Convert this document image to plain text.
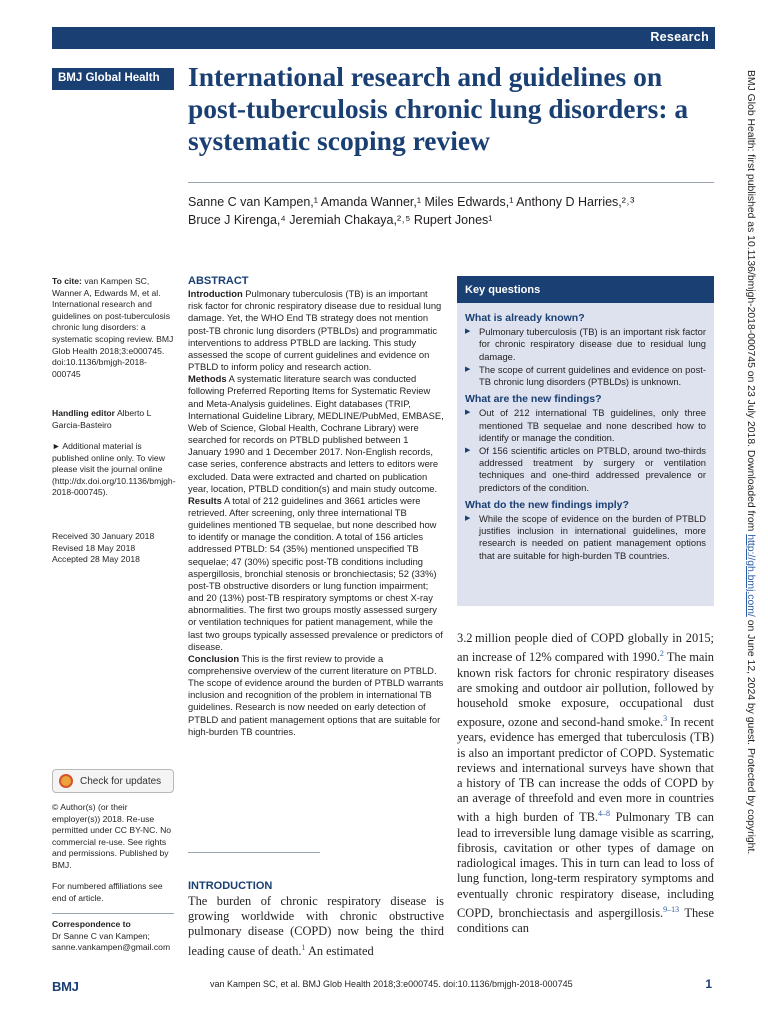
Research
BMJ Global Health	International research and guidelines on post-tuberculosis chronic lung disorders: a systematic scoping review
Sanne C van Kampen,¹ Amanda Wanner,¹ Miles Edwards,¹ Anthony D Harries,²˒³
Bruce J Kirenga,⁴ Jeremiah Chakaya,²˒⁵ Rupert Jones¹
To cite: van Kampen SC, Wanner A, Edwards M, et al. International research and guidelines on post-tuberculosis chronic lung disorders: a systematic scoping review. BMJ Glob Health 2018;3:e000745. doi:10.1136/bmjgh-2018-000745
Handling editor Alberto L Garcia-Basteiro
► Additional material is published online only. To view please visit the journal online (http://dx.doi.org/10.1136/bmjgh-2018-000745).
Received 30 January 2018
Revised 18 May 2018
Accepted 28 May 2018
Check for updates
© Author(s) (or their employer(s)) 2018. Re-use permitted under CC BY-NC. No commercial re-use. See rights and permissions. Published by BMJ.
For numbered affiliations see end of article.
Correspondence to
Dr Sanne C van Kampen;
sanne.vankampen@gmail.com
ABSTRACT

Introduction Pulmonary tuberculosis (TB) is an important risk factor for chronic respiratory disease due to residual lung damage. Yet, the WHO End TB strategy does not mention post-TB chronic lung disorders (PTBLDs) and programmatic interventions to address PTBLD are lacking. This study assessed the scope of current guidelines and evidence on PTBLD to inform policy and research action.

Methods A systematic literature search was conducted following Preferred Reporting Items for Systematic Review and Meta-Analysis guidelines. Eight databases (TRIP, International Guideline Library, MEDLINE/PubMed, EMBASE, Web of Science, Global Health, Cochrane Library) were searched for records on PTBLD published between 1 January 1990 and 1 December 2017. Non-English records, case series, conference abstracts and letters to editors were excluded. Data were extracted and charted on publication year, location, PTBLD condition(s) and main study outcome.

Results A total of 212 guidelines and 3661 articles were retrieved. After screening, only three international TB guidelines mentioned TB sequelae, but none described how to identify or manage the condition. A total of 156 articles addressed PTBLD: 54 (35%) mentioned unspecified TB sequelae; 47 (30%) specific post-TB conditions including aspergillosis, bronchial stenosis or bronchiectasis; 52 (33%) post-TB obstructive disorders or lung function impairment; and 20 (13%) post-TB respiratory symptoms or chest X-ray abnormalities. The first two groups mostly assessed surgery or ventilation techniques for patient management, while the last two groups typically assessed prevalence or predictors of disease.

Conclusion This is the first review to provide a comprehensive overview of the current literature on PTBLD. The scope of evidence around the burden of PTBLD warrants inclusion and recognition of the problem in international TB guidelines. Research is now needed on early detection of PTBLD and patient management options that are suitable for high-burden TB countries.

INTRODUCTION

The burden of chronic respiratory disease is growing worldwide with chronic obstructive pulmonary disease (COPD) now being the third leading cause of death.$^1$ An estimated

Key questions
What is already known?
▶ Pulmonary tuberculosis (TB) is an important risk factor for chronic respiratory disease due to residual lung damage.
▶ The scope of current guidelines and evidence on post-TB chronic lung disorders (PTBLDs) is unknown.
What are the new findings?
▶ Out of 212 international TB guidelines, only three mentioned TB sequelae and none described how to identify or manage the condition.
▶ Of 156 scientific articles on PTBLD, around two-thirds addressed treatment by surgery or ventilation techniques and one-third addressed prevalence or predictors of the condition.
What do the new findings imply?
▶ While the scope of evidence on the burden of PTBLD justifies inclusion in international guidelines, more research is needed on patient management options that are suitable for high-burden TB countries.

3.2 million people died of COPD globally in 2015; an increase of 12% compared with 1990.$^2$ The main known risk factors for chronic respiratory diseases are smoking and outdoor air pollution, followed by household smoke exposure, occupational dust exposure, ozone and second-hand smoke.$^3$ In recent years, evidence has emerged that tuberculosis (TB) is also an important predictor of COPD. Systematic reviews and international surveys have shown that a history of TB can increase the odds of COPD by an average of threefold and even more in countries with a high burden of TB.$^{4-8}$ Pulmonary TB can lead to irreversible lung damage visible as scarring, fibrosis, cavitation or other types of damage on radiological images. This in turn can lead to loss of lung function, long-term respiratory symptoms and eventually chronic respiratory disease, including COPD, bronchiectasis and aspergillosis.$^{9-13}$ These conditions can

BMJ Glob Health: first published as 10.1136/bmjgh-2018-000745 on 23 July 2018. Downloaded from http://gh.bmj.com/ on June 12, 2024 by guest. Protected by copyright.
BMJ	van Kampen SC, et al. BMJ Glob Health 2018;3:e000745. doi:10.1136/bmjgh-2018-000745	1
